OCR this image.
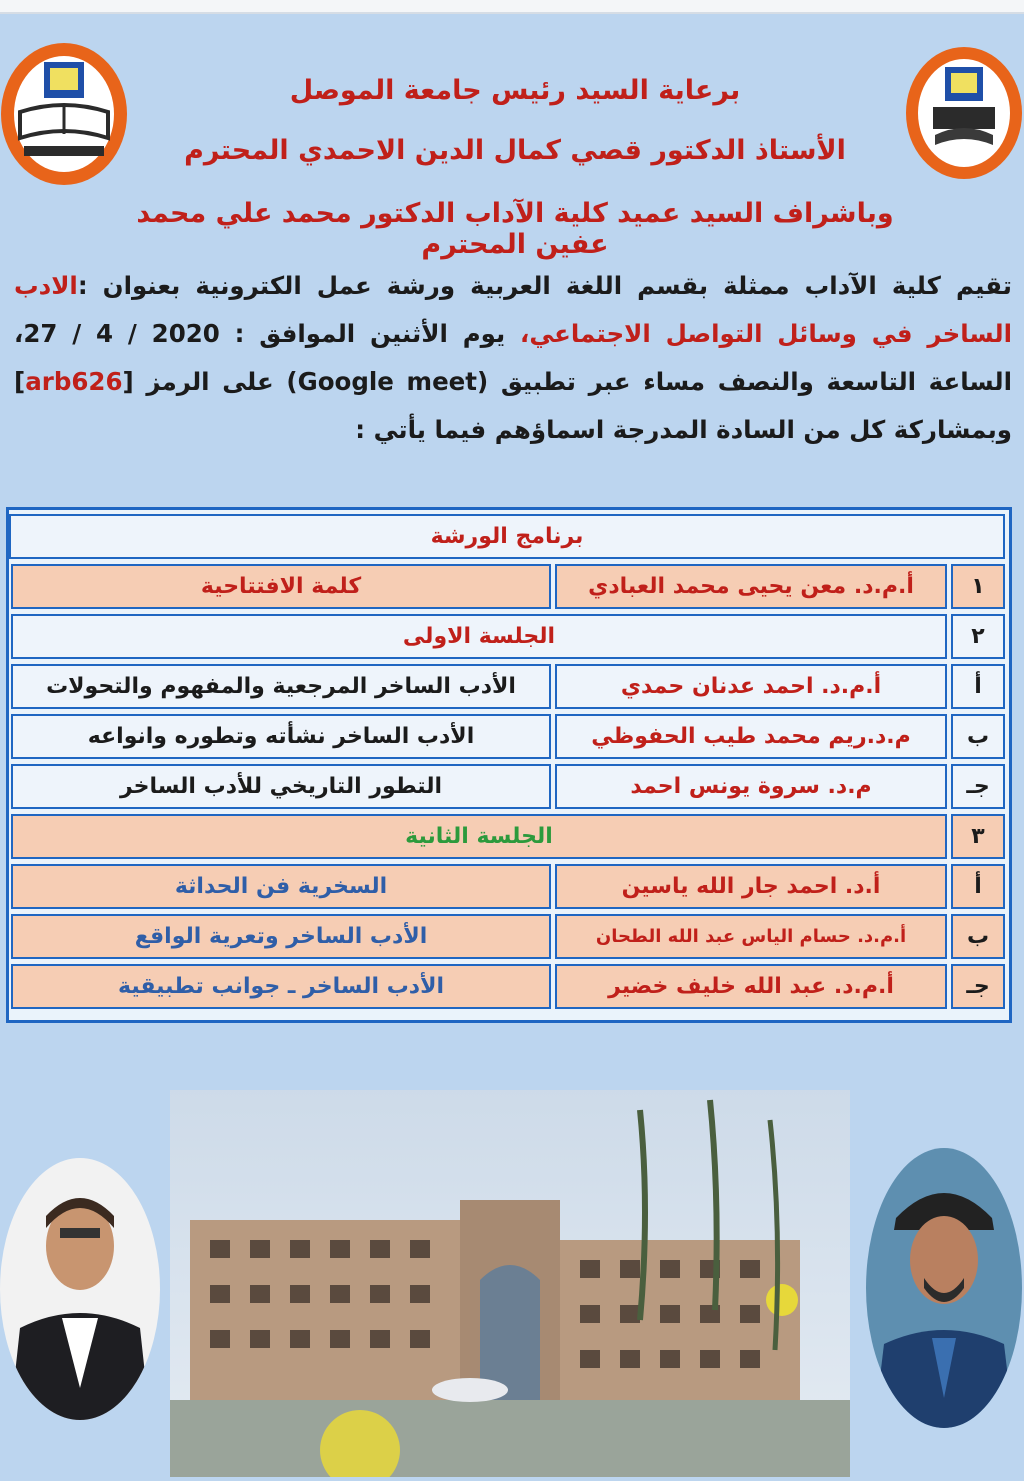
برعاية السيد رئيس جامعة الموصل
الأستاذ الدكتور قصي كمال الدين الاحمدي المحترم
وباشراف السيد عميد كلية الآداب الدكتور محمد علي محمد عفين المحترم
تقيم كلية الآداب ممثلة بقسم اللغة العربية ورشة عمل الكترونية بعنوان :الادب الساخر في وسائل التواصل الاجتماعي، يوم الأثنين الموافق : 2020 / 4 / 27، الساعة التاسعة والنصف مساء عبر تطبيق (Google meet) على الرمز [arb626] وبمشاركة كل من السادة المدرجة اسماؤهم فيما يأتي :
برنامج الورشة
١
أ.م.د. معن يحيى محمد العبادي
كلمة الافتتاحية
٢
الجلسة الاولى
أ
أ.م.د. احمد عدنان حمدي
الأدب الساخر المرجعية والمفهوم والتحولات
ب
م.د.ريم محمد طيب الحفوظي
الأدب الساخر نشأته وتطوره وانواعه
جـ
م.د. سروة يونس احمد
التطور التاريخي للأدب الساخر
٣
الجلسة الثانية
أ
أ.د. احمد جار الله ياسين
السخرية فن الحداثة
ب
أ.م.د. حسام الياس عبد الله الطحان
الأدب الساخر وتعرية الواقع
جـ
أ.م.د. عبد الله خليف خضير
الأدب الساخر ـ جوانب تطبيقية
